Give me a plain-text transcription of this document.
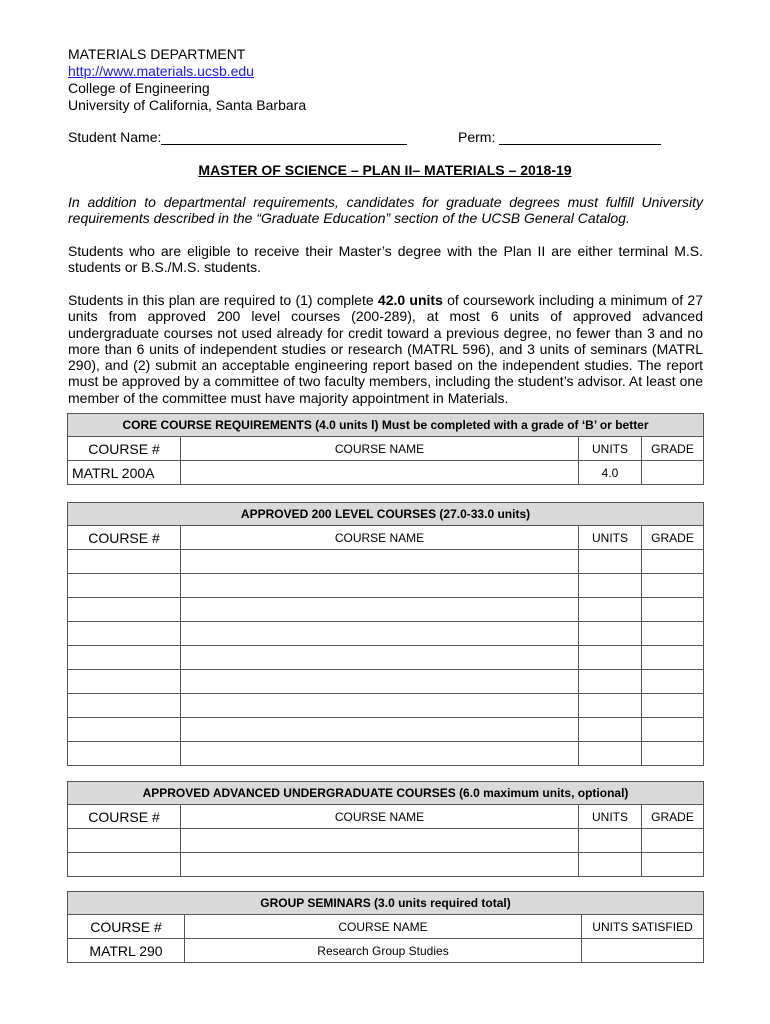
MATERIALS DEPARTMENT
http://www.materials.ucsb.edu
College of Engineering
University of California, Santa Barbara
Student Name:	Perm:
MASTER OF SCIENCE – PLAN II– MATERIALS – 2018-19
In addition to departmental requirements, candidates for graduate degrees must fulfill University requirements described in the “Graduate Education” section of the UCSB General Catalog.
Students who are eligible to receive their Master’s degree with the Plan II are either terminal M.S. students or B.S./M.S. students.
Students in this plan are required to (1) complete 42.0 units of coursework including a minimum of 27 units from approved 200 level courses (200-289), at most 6 units of approved advanced undergraduate courses not used already for credit toward a previous degree, no fewer than 3 and no more than 6 units of independent studies or research (MATRL 596), and 3 units of seminars (MATRL 290), and (2) submit an acceptable engineering report based on the independent studies. The report must be approved by a committee of two faculty members, including the student’s advisor. At least one member of the committee must have majority appointment in Materials.
CORE COURSE REQUIREMENTS (4.0 units l) Must be completed with a grade of ‘B’ or better			
COURSE #	COURSE NAME	UNITS	GRADE
MATRL 200A		4.0	
APPROVED 200 LEVEL COURSES (27.0-33.0 units)			
COURSE #	COURSE NAME	UNITS	GRADE

APPROVED ADVANCED UNDERGRADUATE COURSES (6.0 maximum units, optional)			
COURSE #	COURSE NAME	UNITS	GRADE

GROUP SEMINARS (3.0 units required total)		
COURSE #	COURSE NAME	UNITS SATISFIED
MATRL 290	Research Group Studies	
